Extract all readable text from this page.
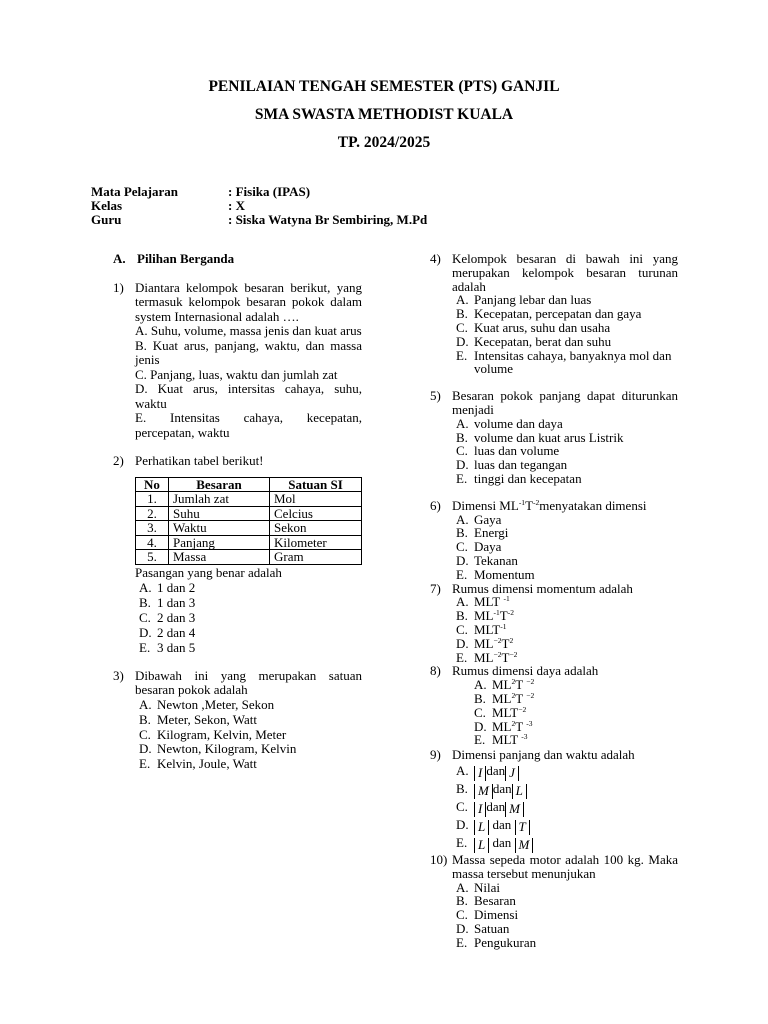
PENILAIAN TENGAH SEMESTER (PTS) GANJIL
SMA SWASTA METHODIST KUALA
TP. 2024/2025
Mata Pelajaran	: Fisika (IPAS)
Kelas	: X
Guru	: Siska Watyna Br Sembiring, M.Pd
A. Pilihan Berganda
1) Diantara kelompok besaran berikut, yang termasuk kelompok besaran pokok dalam system Internasional adalah ….
A. Suhu, volume, massa jenis dan kuat arus
B. Kuat arus, panjang, waktu, dan massa jenis
C. Panjang, luas, waktu dan jumlah zat
D. Kuat arus, intersitas cahaya, suhu, waktu
E. Intensitas cahaya, kecepatan, percepatan, waktu
2) Perhatikan tabel berikut!
No	Besaran	Satuan SI
1.	Jumlah zat	Mol
2.	Suhu	Celcius
3.	Waktu	Sekon
4.	Panjang	Kilometer
5.	Massa	Gram
Pasangan yang benar adalah
A. 1 dan 2
B. 1 dan 3
C. 2 dan 3
D. 2 dan 4
E. 3 dan 5
3) Dibawah ini yang merupakan satuan besaran pokok adalah
A. Newton ,Meter, Sekon
B. Meter, Sekon, Watt
C. Kilogram, Kelvin, Meter
D. Newton, Kilogram, Kelvin
E. Kelvin, Joule, Watt
4) Kelompok besaran di bawah ini yang merupakan kelompok besaran turunan adalah
A. Panjang lebar dan luas
B. Kecepatan, percepatan dan gaya
C. Kuat arus, suhu dan usaha
D. Kecepatan, berat dan suhu
E. Intensitas cahaya, banyaknya mol dan volume
5) Besaran pokok panjang dapat diturunkan menjadi
A. volume dan daya
B. volume dan kuat arus Listrik
C. luas dan volume
D. luas dan tegangan
E. tinggi dan kecepatan
6) Dimensi $ML^{-1}T^{-2}menyatakan$ dimensi
A. Gaya
B. Energi
C. Daya
D. Tekanan
E. Momentum
7) Rumus dimensi momentum adalah
A. MLT $^{-1}$
B. $ML^{-1}T^{-2}$
C. $MLT^{-1}$
D. $ML^{-2}T^2$
E. $ML^{-2}T^{-2}$
8) Rumus dimensi daya adalah
A. $ML^2T$ $^{-2}$
B. $ML^2T$ $^{-2}$
C. $MLT^{-2}$
D. $ML^2T$ $^{-3}$
E. MLT $^{-3}$
9) Dimensi panjang dan waktu adalah
A. I dan J
B. M dan L
C. I dan M
D. L dan T
E. L dan M
10) Massa sepeda motor adalah 100 kg. Maka massa tersebut menunjukan
A. Nilai
B. Besaran
C. Dimensi
D. Satuan
E. Pengukuran
